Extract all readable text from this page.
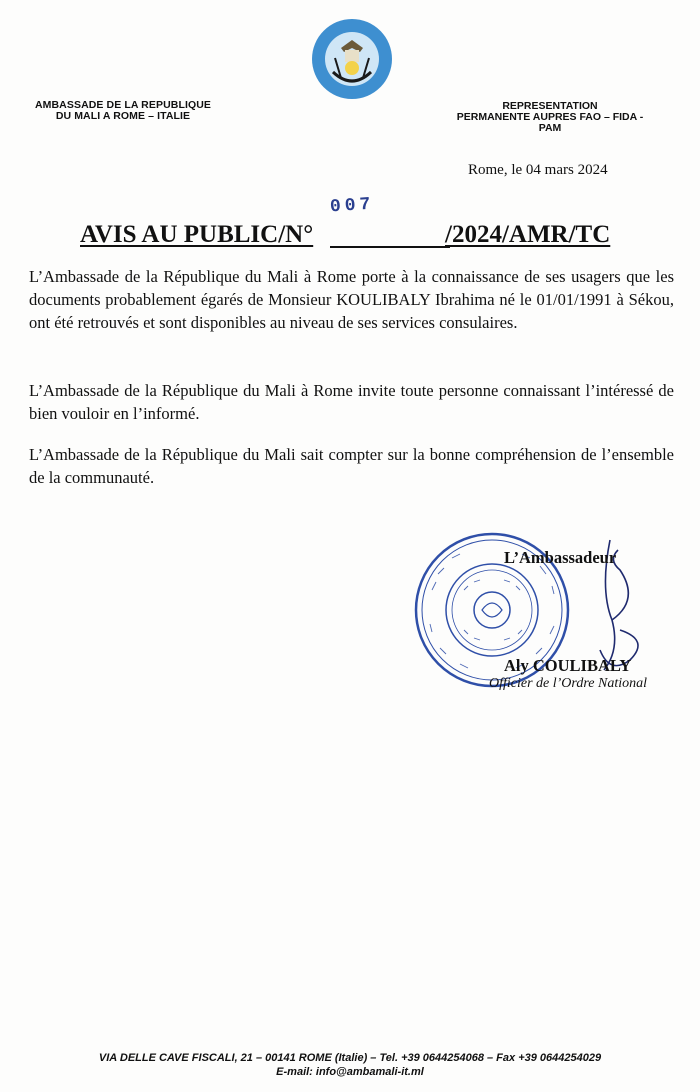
AMBASSADE DE LA REPUBLIQUE
DU MALI A ROME – ITALIE
REPRESENTATION
PERMANENTE AUPRES FAO – FIDA - PAM
Rome, le 04 mars 2024
007
AVIS AU PUBLIC/N°	/2024/AMR/TC

L’Ambassade de la République du Mali à Rome porte à la connaissance de ses usagers que les documents probablement égarés de Monsieur KOULIBALY Ibrahima né le 01/01/1991 à Sékou, ont été retrouvés et sont disponibles au niveau de ses services consulaires.

L’Ambassade de la République du Mali à Rome invite toute personne connaissant l’intéressé de bien vouloir en l’informé.

L’Ambassade de la République du Mali sait compter sur la bonne compréhension de l’ensemble de la communauté.

L’Ambassadeur
Aly COULIBALY
Officier de l’Ordre National
VIA DELLE CAVE FISCALI, 21 – 00141 ROME (Italie) – Tel. +39 0644254068 – Fax +39 0644254029
E-mail: info@ambamali-it.ml
